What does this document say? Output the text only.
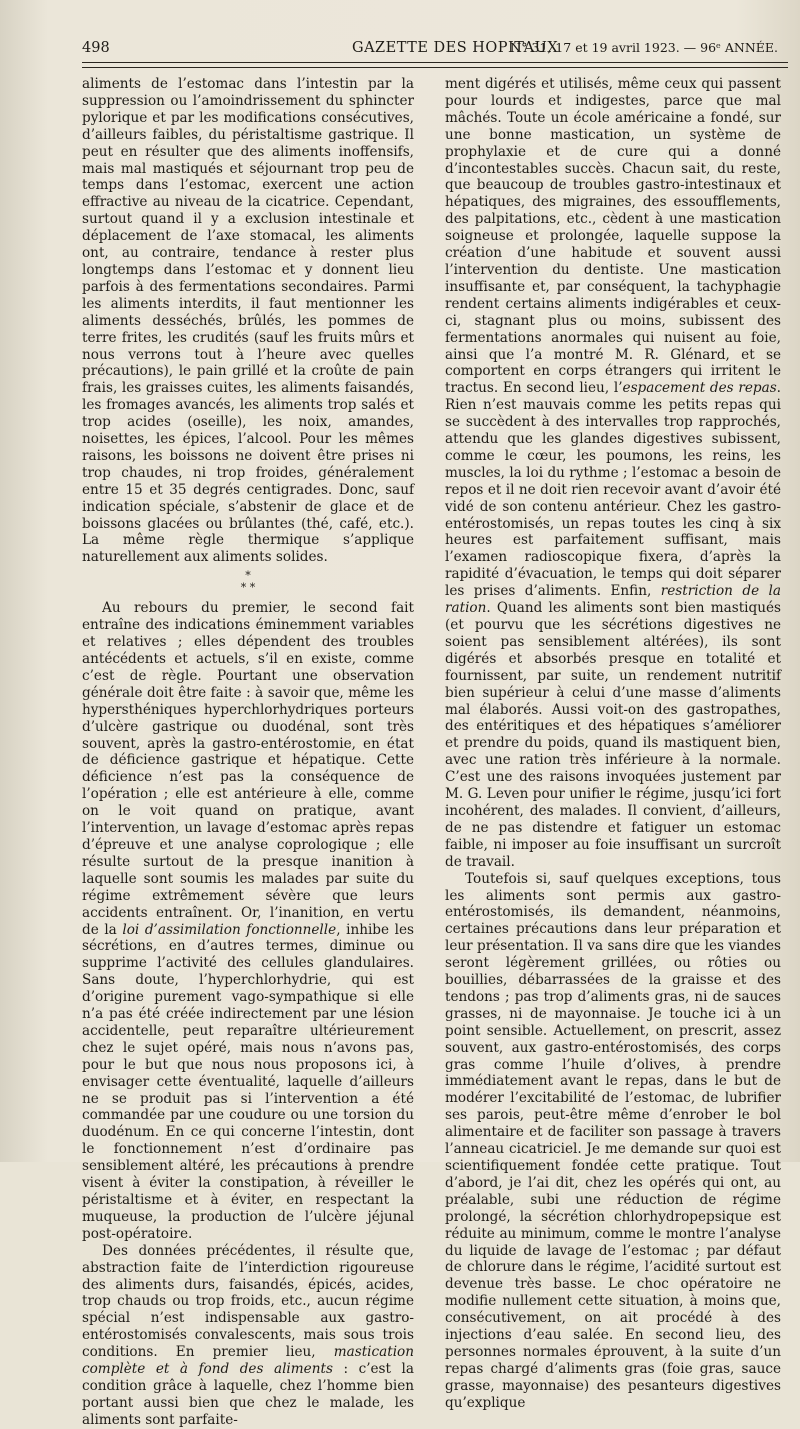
498	GAZETTE DES HOPITAUX
N° 31, 17 et 19 avril 1923. — 96ᵉ ANNÉE.

aliments de l’estomac dans l’intestin par la suppression ou l’amoindrissement du sphincter pylorique et par les modifications consécutives, d’ailleurs faibles, du péristaltisme gastrique. Il peut en résulter que des aliments inoffensifs, mais mal mastiqués et séjournant trop peu de temps dans l’estomac, exercent une action effractive au niveau de la cicatrice. Cependant, surtout quand il y a exclusion intestinale et déplacement de l’axe stomacal, les aliments ont, au contraire, tendance à rester plus longtemps dans l’estomac et y donnent lieu parfois à des fermentations secondaires. Parmi les aliments interdits, il faut mentionner les aliments desséchés, brûlés, les pommes de terre frites, les crudités (sauf les fruits mûrs et nous verrons tout à l’heure avec quelles précautions), le pain grillé et la croûte de pain frais, les graisses cuites, les aliments faisandés, les fromages avancés, les aliments trop salés et trop acides (oseille), les noix, amandes, noisettes, les épices, l’alcool. Pour les mêmes raisons, les boissons ne doivent être prises ni trop chaudes, ni trop froides, généralement entre 15 et 35 degrés centigrades. Donc, sauf indication spéciale, s’abstenir de glace et de boissons glacées ou brûlantes (thé, café, etc.). La même règle thermique s’applique naturellement aux aliments solides.

*
* *

Au rebours du premier, le second fait entraîne des indications éminemment variables et relatives ; elles dépendent des troubles antécédents et actuels, s’il en existe, comme c’est de règle. Pourtant une observation générale doit être faite : à savoir que, même les hypersthéniques hyperchlorhydriques porteurs d’ulcère gastrique ou duodénal, sont très souvent, après la gastro-entérostomie, en état de déficience gastrique et hépatique. Cette déficience n’est pas la conséquence de l’opération ; elle est antérieure à elle, comme on le voit quand on pratique, avant l’intervention, un lavage d’estomac après repas d’épreuve et une analyse coprologique ; elle résulte surtout de la presque inanition à laquelle sont soumis les malades par suite du régime extrêmement sévère que leurs accidents entraînent. Or, l’inanition, en vertu de la loi d’assimilation fonctionnelle, inhibe les sécrétions, en d’autres termes, diminue ou supprime l’activité des cellules glandulaires. Sans doute, l’hyperchlorhydrie, qui est d’origine purement vago-sympathique si elle n’a pas été créée indirectement par une lésion accidentelle, peut reparaître ultérieurement chez le sujet opéré, mais nous n’avons pas, pour le but que nous nous proposons ici, à envisager cette éventualité, laquelle d’ailleurs ne se produit pas si l’intervention a été commandée par une coudure ou une torsion du duodénum. En ce qui concerne l’intestin, dont le fonctionnement n’est d’ordinaire pas sensiblement altéré, les précautions à prendre visent à éviter la constipation, à réveiller le péristaltisme et à éviter, en respectant la muqueuse, la production de l’ulcère jéjunal post-opératoire.

Des données précédentes, il résulte que, abstraction faite de l’interdiction rigoureuse des aliments durs, faisandés, épicés, acides, trop chauds ou trop froids, etc., aucun régime spécial n’est indispensable aux gastro-entérostomisés convalescents, mais sous trois conditions. En premier lieu, mastication complète et à fond des aliments : c’est la condition grâce à laquelle, chez l’homme bien portant aussi bien que chez le malade, les aliments sont parfaite-

ment digérés et utilisés, même ceux qui passent pour lourds et indigestes, parce que mal mâchés. Toute un école américaine a fondé, sur une bonne mastication, un système de prophylaxie et de cure qui a donné d’incontestables succès. Chacun sait, du reste, que beaucoup de troubles gastro-intestinaux et hépatiques, des migraines, des essoufflements, des palpitations, etc., cèdent à une mastication soigneuse et prolongée, laquelle suppose la création d’une habitude et souvent aussi l’intervention du dentiste. Une mastication insuffisante et, par conséquent, la tachyphagie rendent certains aliments indigérables et ceux-ci, stagnant plus ou moins, subissent des fermentations anormales qui nuisent au foie, ainsi que l’a montré M. R. Glénard, et se comportent en corps étrangers qui irritent le tractus. En second lieu, l’espacement des repas. Rien n’est mauvais comme les petits repas qui se succèdent à des intervalles trop rapprochés, attendu que les glandes digestives subissent, comme le cœur, les poumons, les reins, les muscles, la loi du rythme ; l’estomac a besoin de repos et il ne doit rien recevoir avant d’avoir été vidé de son contenu antérieur. Chez les gastro-entérostomisés, un repas toutes les cinq à six heures est parfaitement suffisant, mais l’examen radioscopique fixera, d’après la rapidité d’évacuation, le temps qui doit séparer les prises d’aliments. Enfin, restriction de la ration. Quand les aliments sont bien mastiqués (et pourvu que les sécrétions digestives ne soient pas sensiblement altérées), ils sont digérés et absorbés presque en totalité et fournissent, par suite, un rendement nutritif bien supérieur à celui d’une masse d’aliments mal élaborés. Aussi voit-on des gastropathes, des entéritiques et des hépatiques s’améliorer et prendre du poids, quand ils mastiquent bien, avec une ration très inférieure à la normale. C’est une des raisons invoquées justement par M. G. Leven pour unifier le régime, jusqu’ici fort incohérent, des malades. Il convient, d’ailleurs, de ne pas distendre et fatiguer un estomac faible, ni imposer au foie insuffisant un surcroît de travail.

Toutefois si, sauf quelques exceptions, tous les aliments sont permis aux gastro-entérostomisés, ils demandent, néanmoins, certaines précautions dans leur préparation et leur présentation. Il va sans dire que les viandes seront légèrement grillées, ou rôties ou bouillies, débarrassées de la graisse et des tendons ; pas trop d’aliments gras, ni de sauces grasses, ni de mayonnaise. Je touche ici à un point sensible. Actuellement, on prescrit, assez souvent, aux gastro-entérostomisés, des corps gras comme l’huile d’olives, à prendre immédiatement avant le repas, dans le but de modérer l’excitabilité de l’estomac, de lubrifier ses parois, peut-être même d’enrober le bol alimentaire et de faciliter son passage à travers l’anneau cicatriciel. Je me demande sur quoi est scientifiquement fondée cette pratique. Tout d’abord, je l’ai dit, chez les opérés qui ont, au préalable, subi une réduction de régime prolongé, la sécrétion chlorhydropepsique est réduite au minimum, comme le montre l’analyse du liquide de lavage de l’estomac ; par défaut de chlorure dans le régime, l’acidité surtout est devenue très basse. Le choc opératoire ne modifie nullement cette situation, à moins que, consécutivement, on ait procédé à des injections d’eau salée. En second lieu, des personnes normales éprouvent, à la suite d’un repas chargé d’aliments gras (foie gras, sauce grasse, mayonnaise) des pesanteurs digestives qu’explique
